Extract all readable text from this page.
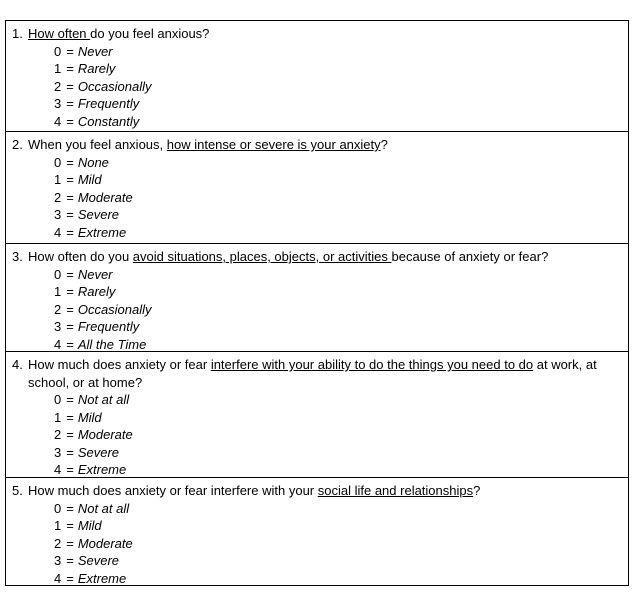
1. How often do you feel anxious?
0 = Never
1 = Rarely
2 = Occasionally
3 = Frequently
4 = Constantly
2. When you feel anxious, how intense or severe is your anxiety?
0 = None
1 = Mild
2 = Moderate
3 = Severe
4 = Extreme
3. How often do you avoid situations, places, objects, or activities because of anxiety or fear?
0 = Never
1 = Rarely
2 = Occasionally
3 = Frequently
4 = All the Time
4. How much does anxiety or fear interfere with your ability to do the things you need to do at work, at school, or at home?
0 = Not at all
1 = Mild
2 = Moderate
3 = Severe
4 = Extreme
5. How much does anxiety or fear interfere with your social life and relationships?
0 = Not at all
1 = Mild
2 = Moderate
3 = Severe
4 = Extreme
